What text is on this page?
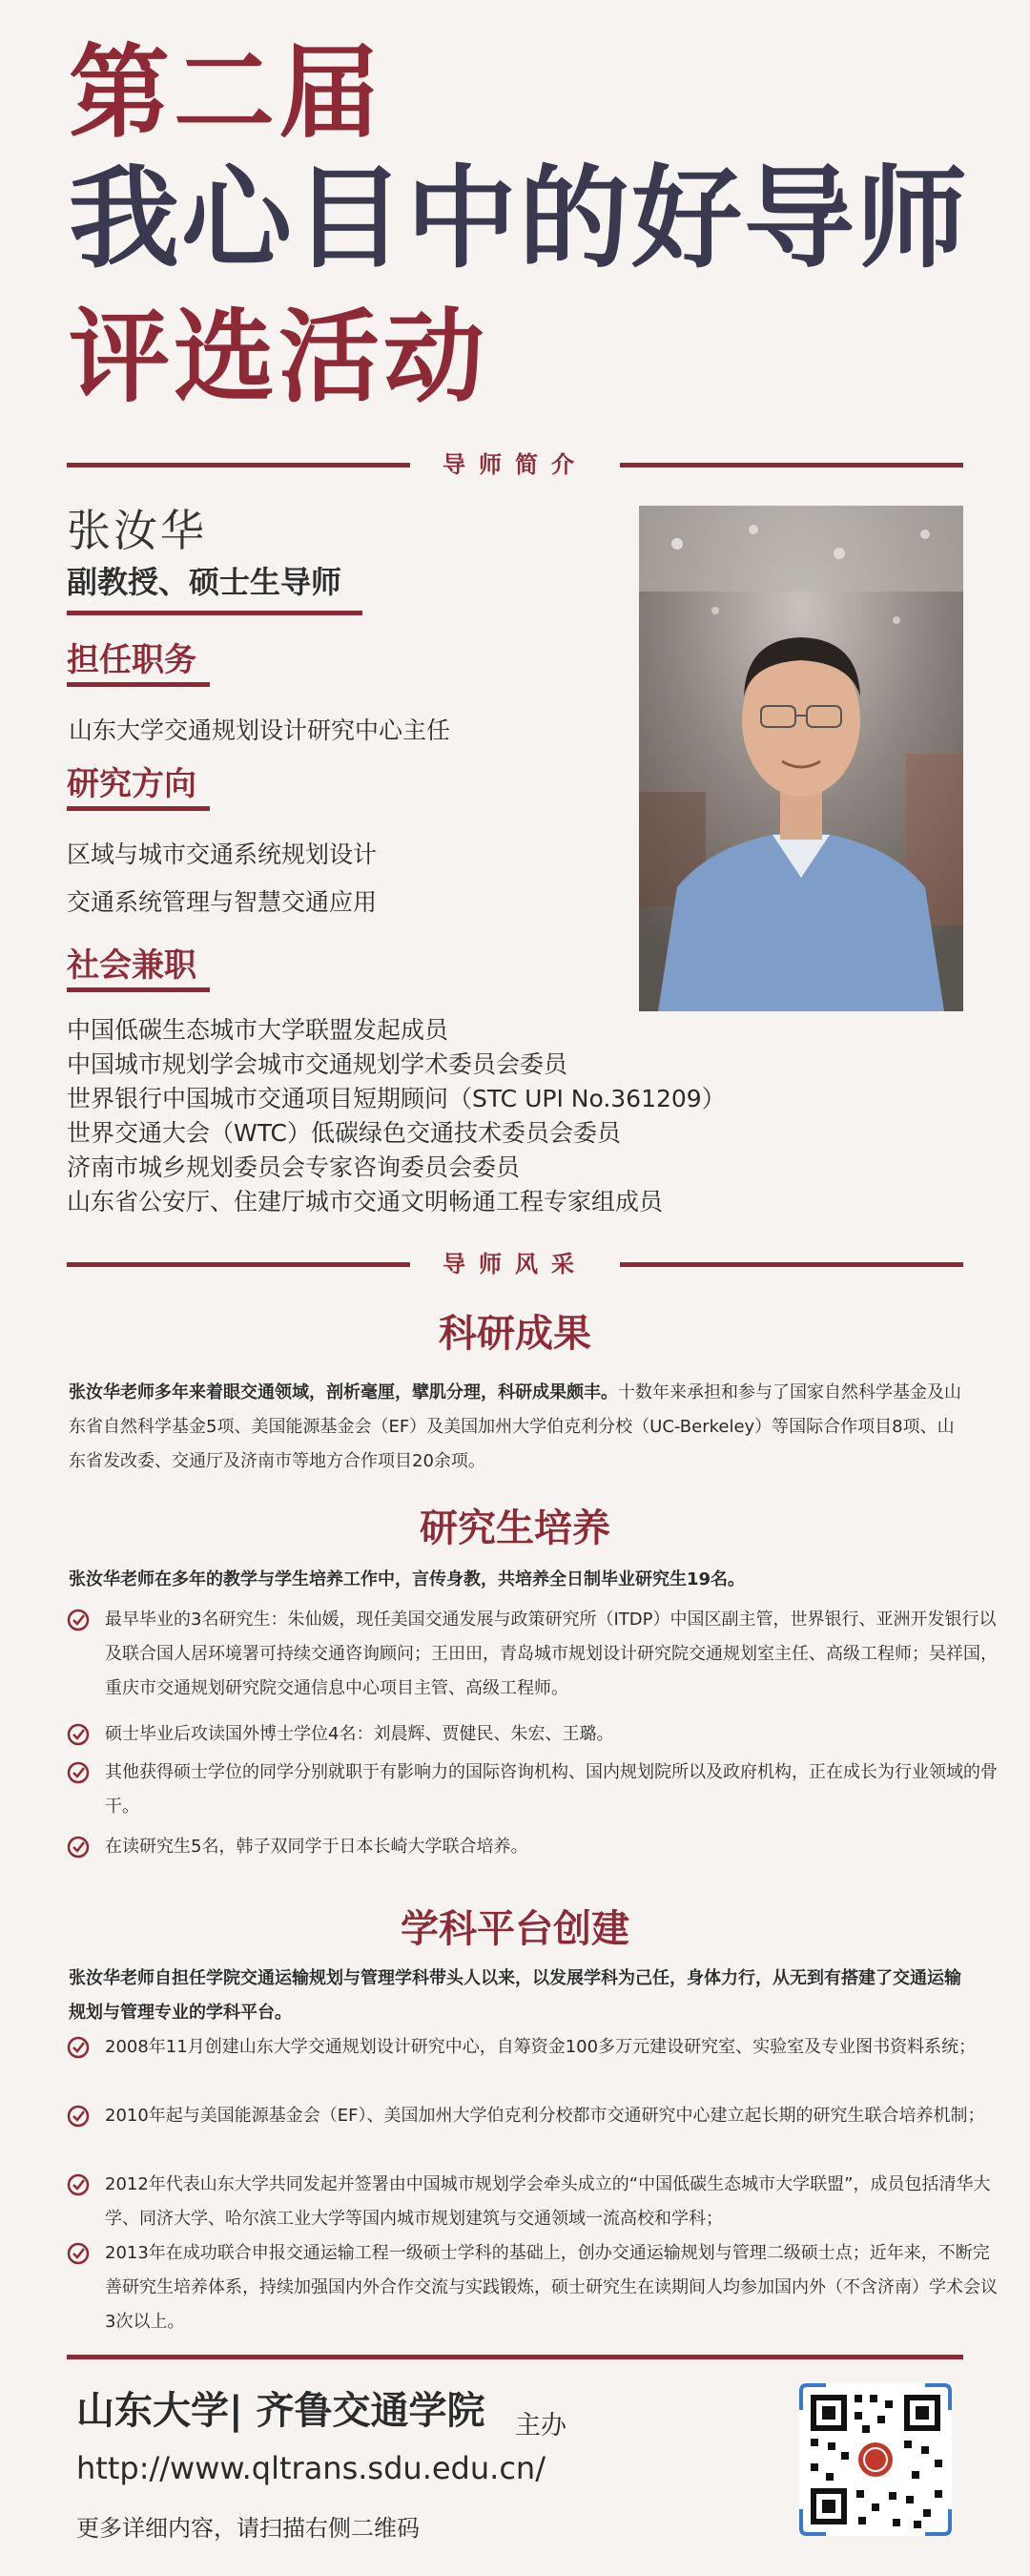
第二届
我心目中的好导师
评选活动
导师简介
张汝华
副教授、硕士生导师
担任职务
山东大学交通规划设计研究中心主任
研究方向
区域与城市交通系统规划设计
交通系统管理与智慧交通应用
社会兼职
中国低碳生态城市大学联盟发起成员
中国城市规划学会城市交通规划学术委员会委员
世界银行中国城市交通项目短期顾问（STC UPI No.361209）
世界交通大会（WTC）低碳绿色交通技术委员会委员
济南市城乡规划委员会专家咨询委员会委员
山东省公安厅、住建厅城市交通文明畅通工程专家组成员
导师风采
科研成果
张汝华老师多年来着眼交通领域，剖析毫厘，擘肌分理，科研成果颇丰。十数年来承担和参与了国家自然科学基金及山东省自然科学基金5项、美国能源基金会（EF）及美国加州大学伯克利分校（UC-Berkeley）等国际合作项目8项、山东省发改委、交通厅及济南市等地方合作项目20余项。
研究生培养
张汝华老师在多年的教学与学生培养工作中，言传身教，共培养全日制毕业研究生19名。
最早毕业的3名研究生：朱仙媛，现任美国交通发展与政策研究所（ITDP）中国区副主管，世界银行、亚洲开发银行以及联合国人居环境署可持续交通咨询顾问；王田田，青岛城市规划设计研究院交通规划室主任、高级工程师；吴祥国，重庆市交通规划研究院交通信息中心项目主管、高级工程师。
硕士毕业后攻读国外博士学位4名：刘晨辉、贾健民、朱宏、王璐。
其他获得硕士学位的同学分别就职于有影响力的国际咨询机构、国内规划院所以及政府机构，正在成长为行业领域的骨干。
在读研究生5名，韩子双同学于日本长崎大学联合培养。
学科平台创建
张汝华老师自担任学院交通运输规划与管理学科带头人以来，以发展学科为己任，身体力行，从无到有搭建了交通运输规划与管理专业的学科平台。
2008年11月创建山东大学交通规划设计研究中心，自筹资金100多万元建设研究室、实验室及专业图书资料系统；
2010年起与美国能源基金会（EF）、美国加州大学伯克利分校都市交通研究中心建立起长期的研究生联合培养机制；
2012年代表山东大学共同发起并签署由中国城市规划学会牵头成立的“中国低碳生态城市大学联盟”，成员包括清华大学、同济大学、哈尔滨工业大学等国内城市规划建筑与交通领域一流高校和学科；
2013年在成功联合申报交通运输工程一级硕士学科的基础上，创办交通运输规划与管理二级硕士点；近年来，不断完善研究生培养体系，持续加强国内外合作交流与实践锻炼，硕士研究生在读期间人均参加国内外（不含济南）学术会议3次以上。
山东大学| 齐鲁交通学院 主办
http://www.qltrans.sdu.edu.cn/
更多详细内容，请扫描右侧二维码
